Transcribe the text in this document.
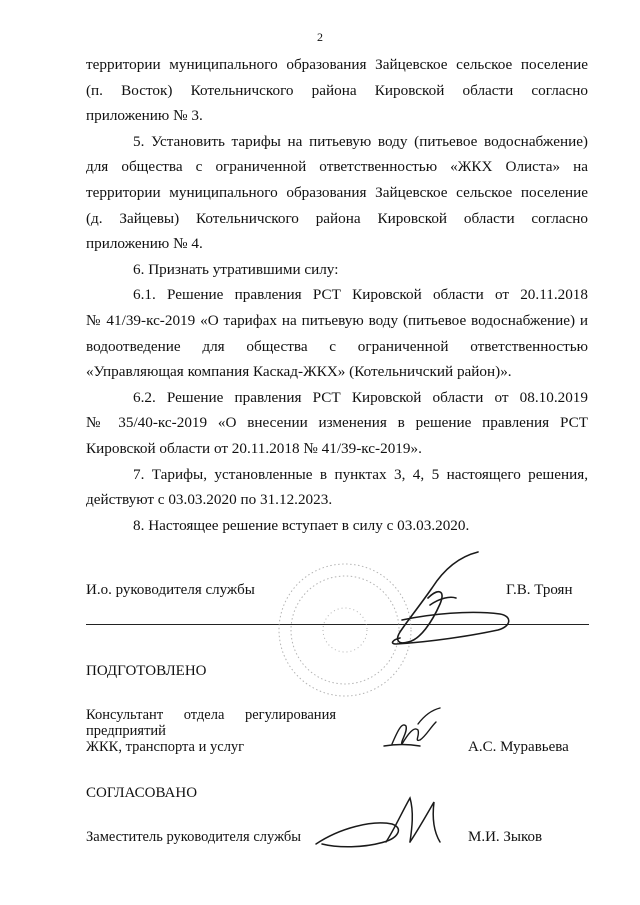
2

территории муниципального образования Зайцевское сельское поселение
(п. Восток) Котельничского района Кировской области согласно
приложению № 3.

5. Установить тарифы на питьевую воду (питьевое водоснабжение)
для общества с ограниченной ответственностью «ЖКХ Олиста» на
территории муниципального образования Зайцевское сельское поселение
(д. Зайцевы) Котельничского района Кировской области согласно
приложению № 4.

6. Признать утратившими силу:

6.1. Решение правления РСТ Кировской области от 20.11.2018
№ 41/39-кс-2019 «О тарифах на питьевую воду (питьевое водоснабжение) и
водоотведение для общества с ограниченной ответственностью
«Управляющая компания Каскад-ЖКХ» (Котельничский район)».

6.2. Решение правления РСТ Кировской области от 08.10.2019
№ 35/40-кс-2019 «О внесении изменения в решение правления РСТ
Кировской области от 20.11.2018 № 41/39-кс-2019».

7. Тарифы, установленные в пунктах 3, 4, 5 настоящего решения,
действуют с 03.03.2020 по 31.12.2023.

8. Настоящее решение вступает в силу с 03.03.2020.

И.о. руководителя службы	Г.В. Троян
ПОДГОТОВЛЕНО
Консультант отдела регулирования
предприятий
ЖКК, транспорта и услуг	А.С. Муравьева
СОГЛАСОВАНО
Заместитель руководителя службы	М.И. Зыков
